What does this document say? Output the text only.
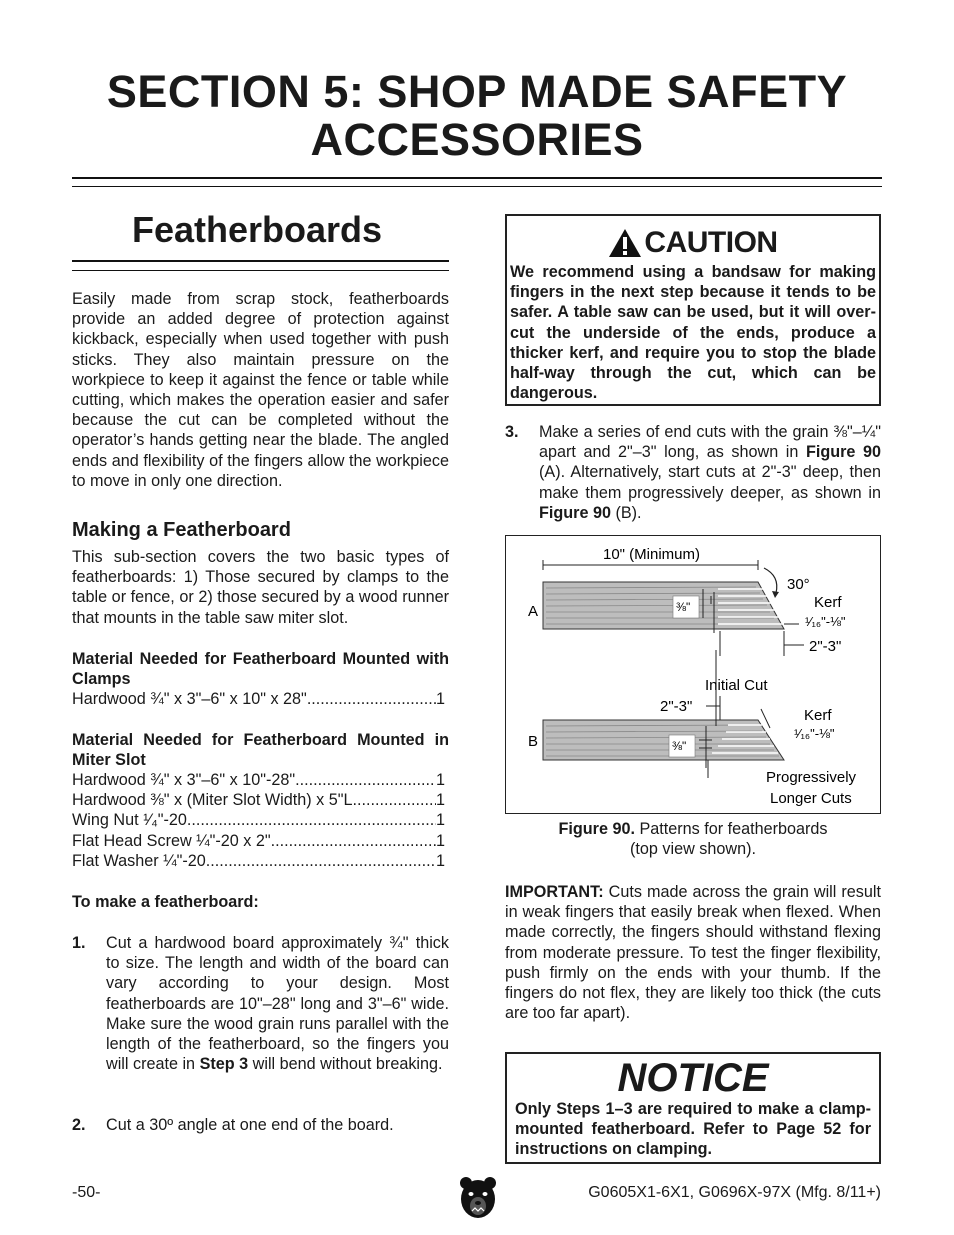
SECTION 5: SHOP MADE SAFETY
ACCESSORIES
Featherboards
Easily made from scrap stock, featherboards provide an added degree of protection against kickback, especially when used together with push sticks. They also maintain pressure on the workpiece to keep it against the fence or table while cutting, which makes the operation easier and safer because the cut can be completed without the operator’s hands getting near the blade. The angled ends and flexibility of the fingers allow the workpiece to move in only one direction.
Making a Featherboard
This sub-section covers the two basic types of featherboards: 1) Those secured by clamps to the table or fence, or 2) those secured by a wood runner that mounts in the table saw miter slot.
Material Needed for Featherboard Mounted with Clamps
Hardwood ¾" x 3"–6" x 10" x 28" .....	1
Material Needed for Featherboard Mounted in Miter Slot
Hardwood ¾" x 3"–6" x 10"-28" .....	1
Hardwood ⅜" x (Miter Slot Width) x 5"L .....	1
Wing Nut ¹⁄₄"-20 .....	1
Flat Head Screw ¼"-20 x 2" .....	1
Flat Washer ¼"-20 .....	1
To make a featherboard:
1.	Cut a hardwood board approximately ¾" thick to size. The length and width of the board can vary according to your design. Most featherboards are 10"–28" long and 3"–6" wide. Make sure the wood grain runs parallel with the length of the featherboard, so the fingers you will create in Step 3 will bend without breaking.
2.	Cut a 30º angle at one end of the board.
CAUTION
We recommend using a bandsaw for making fingers in the next step because it tends to be safer. A table saw can be used, but it will over-cut the underside of the ends, produce a thicker kerf, and require you to stop the blade half-way through the cut, which can be dangerous.
3.	Make a series of end cuts with the grain ⅜"–¼" apart and 2"–3" long, as shown in Figure 90 (A). Alternatively, start cuts at 2"-3" deep, then make them progressively deeper, as shown in Figure 90 (B).
10" (Minimum)
⅜"
A
30°
Kerf
¹⁄₁₆"-⅛"
2"-3"
⅜"
B
Initial Cut
2"-3"
Kerf
¹⁄₁₆"-⅛"
Progressively
Longer Cuts
Figure 90. Patterns for featherboards
(top view shown).
IMPORTANT: Cuts made across the grain will result in weak fingers that easily break when flexed. When made correctly, the fingers should withstand flexing from moderate pressure. To test the finger flexibility, push firmly on the ends with your thumb. If the fingers do not flex, they are likely too thick (the cuts are too far apart).
NOTICE
Only Steps 1–3 are required to make a clamp-mounted featherboard. Refer to Page 52 for instructions on clamping.
-50-	G0605X1-6X1, G0696X-97X (Mfg. 8/11+)
